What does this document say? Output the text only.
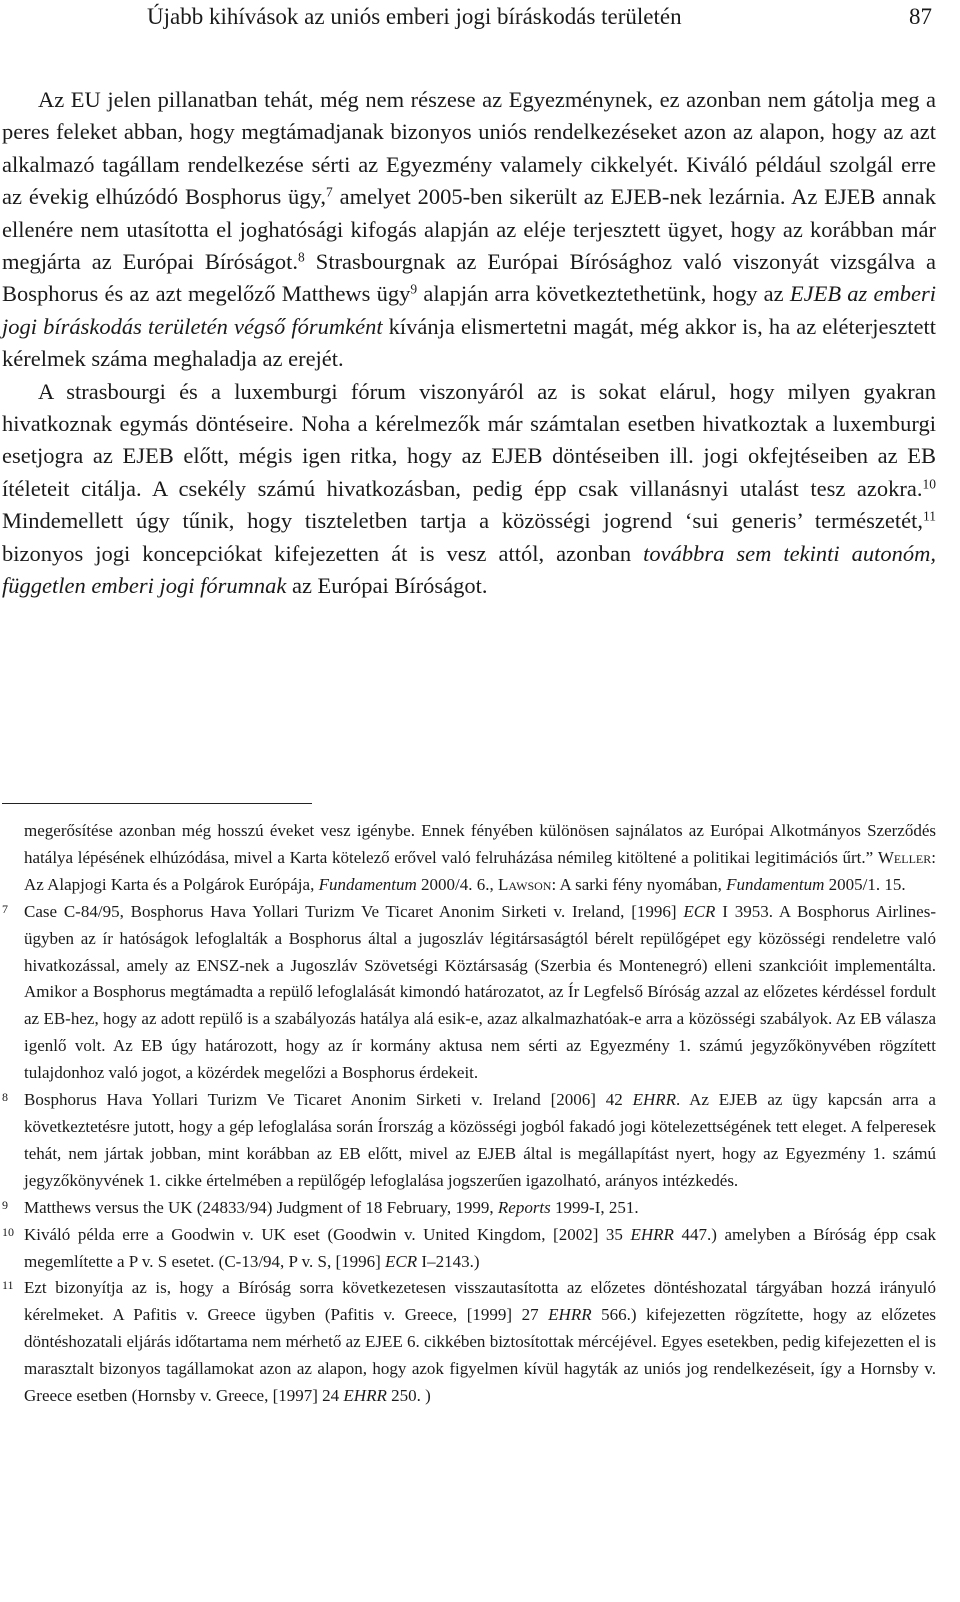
Újabb kihívások az uniós emberi jogi bíráskodás területén	87

Az EU jelen pillanatban tehát, még nem részese az Egyezménynek, ez azonban nem gátolja meg a peres feleket abban, hogy megtámadjanak bizonyos uniós rendelkezéseket azon az alapon, hogy az azt alkalmazó tagállam rendelkezése sérti az Egyezmény valamely cikkelyét. Kiváló például szolgál erre az évekig elhúzódó Bosphorus ügy,$^7$ amelyet 2005-ben sikerült az EJEB-nek lezárnia. Az EJEB annak ellenére nem utasította el joghatósági kifogás alapján az eléje terjesztett ügyet, hogy az korábban már megjárta az Európai Bíróságot.$^8$ Strasbourgnak az Európai Bírósághoz való viszonyát vizsgálva a Bosphorus és az azt megelőző Matthews ügy$^9$ alapján arra következtethetünk, hogy az EJEB az emberi jogi bíráskodás területén végső fórumként kívánja elismertetni magát, még akkor is, ha az eléterjesztett kérelmek száma meghaladja az erejét.

A strasbourgi és a luxemburgi fórum viszonyáról az is sokat elárul, hogy milyen gyakran hivatkoznak egymás döntéseire. Noha a kérelmezők már számtalan esetben hivatkoztak a luxemburgi esetjogra az EJEB előtt, mégis igen ritka, hogy az EJEB döntéseiben ill. jogi okfejtéseiben az EB ítéleteit citálja. A csekély számú hivatkozásban, pedig épp csak villanásnyi utalást tesz azokra.$^{10}$ Mindemellett úgy tűnik, hogy tiszteletben tartja a közösségi jogrend ‘sui generis’ természetét,$^{11}$ bizonyos jogi koncepciókat kifejezetten át is vesz attól, azonban továbbra sem tekinti autonóm, független emberi jogi fórumnak az Európai Bíróságot.

megerősítése azonban még hosszú éveket vesz igénybe. Ennek fényében különösen sajnálatos az Európai Alkotmányos Szerződés hatálya lépésének elhúzódása, mivel a Karta kötelező erővel való felruházása némileg kitöltené a politikai legitimációs űrt.” Weller: Az Alapjogi Karta és a Polgárok Európája, Fundamentum 2000/4. 6., Lawson: A sarki fény nyomában, Fundamentum 2005/1. 15.

7 Case C-84/95, Bosphorus Hava Yollari Turizm Ve Ticaret Anonim Sirketi v. Ireland, [1996] ECR I 3953. A Bosphorus Airlines-ügyben az ír hatóságok lefoglalták a Bosphorus által a jugoszláv légitársaságtól bérelt repülőgépet egy közösségi rendeletre való hivatkozással, amely az ENSZ-nek a Jugoszláv Szövetségi Köztársaság (Szerbia és Montenegró) elleni szankcióit implementálta. Amikor a Bosphorus megtámadta a repülő lefoglalását kimondó határozatot, az Ír Legfelső Bíróság azzal az előzetes kérdéssel fordult az EB-hez, hogy az adott repülő is a szabályozás hatálya alá esik-e, azaz alkalmazhatóak-e arra a közösségi szabályok. Az EB válasza igenlő volt. Az EB úgy határozott, hogy az ír kormány aktusa nem sérti az Egyezmény 1. számú jegyzőkönyvében rögzített tulajdonhoz való jogot, a közérdek megelőzi a Bosphorus érdekeit.

8 Bosphorus Hava Yollari Turizm Ve Ticaret Anonim Sirketi v. Ireland [2006] 42 EHRR. Az EJEB az ügy kapcsán arra a következtetésre jutott, hogy a gép lefoglalása során Írország a közösségi jogból fakadó jogi kötelezettségének tett eleget. A felperesek tehát, nem jártak jobban, mint korábban az EB előtt, mivel az EJEB által is megállapítást nyert, hogy az Egyezmény 1. számú jegyzőkönyvének 1. cikke értelmében a repülőgép lefoglalása jogszerűen igazolható, arányos intézkedés.

9 Matthews versus the UK (24833/94) Judgment of 18 February, 1999, Reports 1999-I, 251.

10 Kiváló példa erre a Goodwin v. UK eset (Goodwin v. United Kingdom, [2002] 35 EHRR 447.) amelyben a Bíróság épp csak megemlítette a P v. S esetet. (C-13/94, P v. S, [1996] ECR I–2143.)

11 Ezt bizonyítja az is, hogy a Bíróság sorra következetesen visszautasította az előzetes döntéshozatal tárgyában hozzá irányuló kérelmeket. A Pafitis v. Greece ügyben (Pafitis v. Greece, [1999] 27 EHRR 566.) kifejezetten rögzítette, hogy az előzetes döntéshozatali eljárás időtartama nem mérhető az EJEE 6. cikkében biztosítottak mércéjével. Egyes esetekben, pedig kifejezetten el is marasztalt bizonyos tagállamokat azon az alapon, hogy azok figyelmen kívül hagyták az uniós jog rendelkezéseit, így a Hornsby v. Greece esetben (Hornsby v. Greece, [1997] 24 EHRR 250. )
